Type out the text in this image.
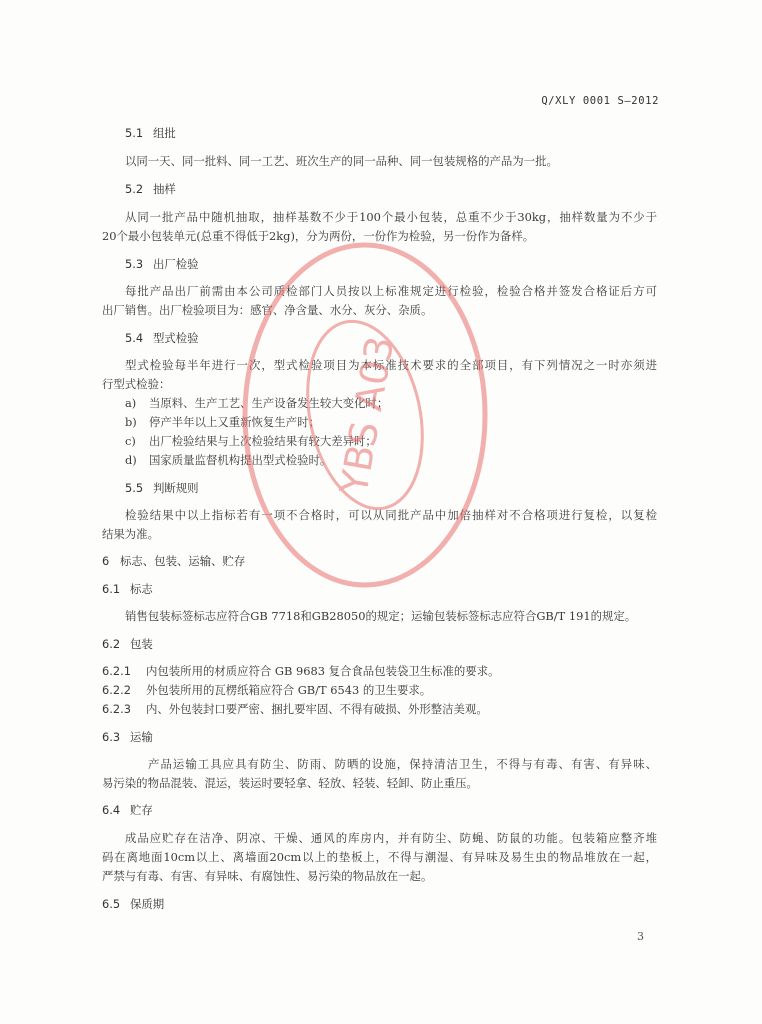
Q/XLY 0001 S—2012
5.1 组批
以同一天、同一批料、同一工艺、班次生产的同一品种、同一包装规格的产品为一批。
5.2 抽样
从同一批产品中随机抽取，抽样基数不少于100个最小包装，总重不少于30kg，抽样数量为不少于
20个最小包装单元(总重不得低于2kg)，分为两份，一份作为检验，另一份作为备样。
5.3 出厂检验
每批产品出厂前需由本公司质检部门人员按以上标准规定进行检验，检验合格并签发合格证后方可
出厂销售。出厂检验项目为：感官、净含量、水分、灰分、杂质。
5.4 型式检验
型式检验每半年进行一次，型式检验项目为本标准技术要求的全部项目，有下列情况之一时亦须进
行型式检验：
a) 当原料、生产工艺、生产设备发生较大变化时；
b) 停产半年以上又重新恢复生产时；
c) 出厂检验结果与上次检验结果有较大差异时；
d) 国家质量监督机构提出型式检验时。
5.5 判断规则
检验结果中以上指标若有一项不合格时，可以从同批产品中加倍抽样对不合格项进行复检，以复检
结果为准。
6 标志、包装、运输、贮存
6.1 标志
销售包装标签标志应符合GB 7718和GB28050的规定；运输包装标签标志应符合GB/T 191的规定。
6.2 包装
6.2.1 内包装所用的材质应符合 GB 9683 复合食品包装袋卫生标准的要求。
6.2.2 外包装所用的瓦楞纸箱应符合 GB/T 6543 的卫生要求。
6.2.3 内、外包装封口要严密、捆扎要牢固、不得有破损、外形整洁美观。
6.3 运输
产品运输工具应具有防尘、防雨、防晒的设施，保持清洁卫生，不得与有毒、有害、有异味、
易污染的物品混装、混运，装运时要轻拿、轻放、轻装、轻卸、防止重压。
6.4 贮存
成品应贮存在洁净、阴凉、干燥、通风的库房内，并有防尘、防蝇、防鼠的功能。包装箱应整齐堆
码在离地面10cm以上、离墙面20cm以上的垫板上，不得与潮湿、有异味及易生虫的物品堆放在一起，
严禁与有毒、有害、有异味、有腐蚀性、易污染的物品放在一起。
6.5 保质期
3
YBS A03
